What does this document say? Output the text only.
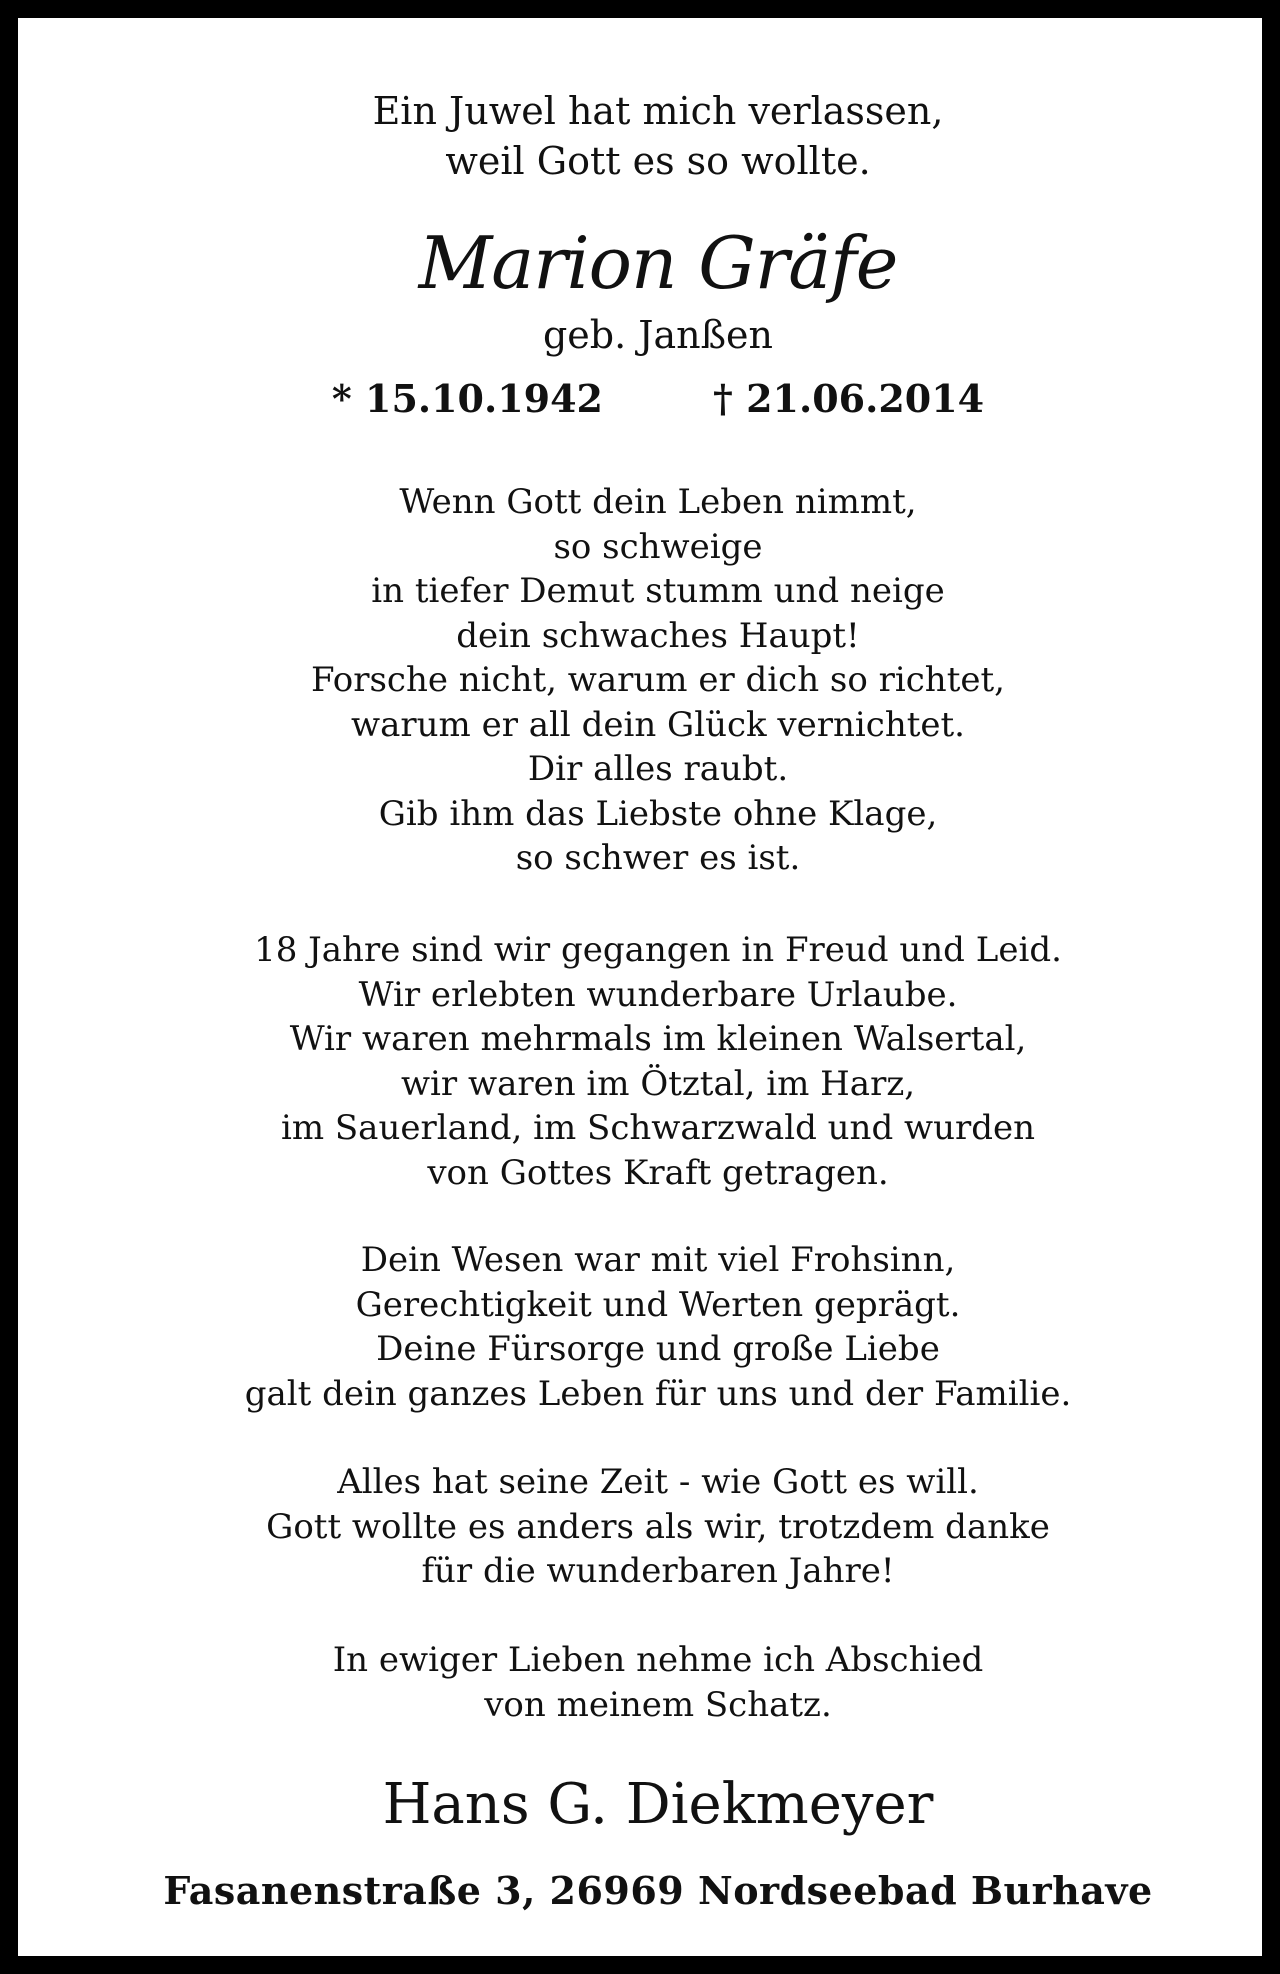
Ein Juwel hat mich verlassen,
weil Gott es so wollte.
Marion Gräfe
geb. Janßen
* 15.10.1942	† 21.06.2014
Wenn Gott dein Leben nimmt,
so schweige
in tiefer Demut stumm und neige
dein schwaches Haupt!
Forsche nicht, warum er dich so richtet,
warum er all dein Glück vernichtet.
Dir alles raubt.
Gib ihm das Liebste ohne Klage,
so schwer es ist.
18 Jahre sind wir gegangen in Freud und Leid.
Wir erlebten wunderbare Urlaube.
Wir waren mehrmals im kleinen Walsertal,
wir waren im Ötztal, im Harz,
im Sauerland, im Schwarzwald und wurden
von Gottes Kraft getragen.
Dein Wesen war mit viel Frohsinn,
Gerechtigkeit und Werten geprägt.
Deine Fürsorge und große Liebe
galt dein ganzes Leben für uns und der Familie.
Alles hat seine Zeit - wie Gott es will.
Gott wollte es anders als wir, trotzdem danke
für die wunderbaren Jahre!
In ewiger Lieben nehme ich Abschied
von meinem Schatz.
Hans G. Diekmeyer
Fasanenstraße 3, 26969 Nordseebad Burhave
